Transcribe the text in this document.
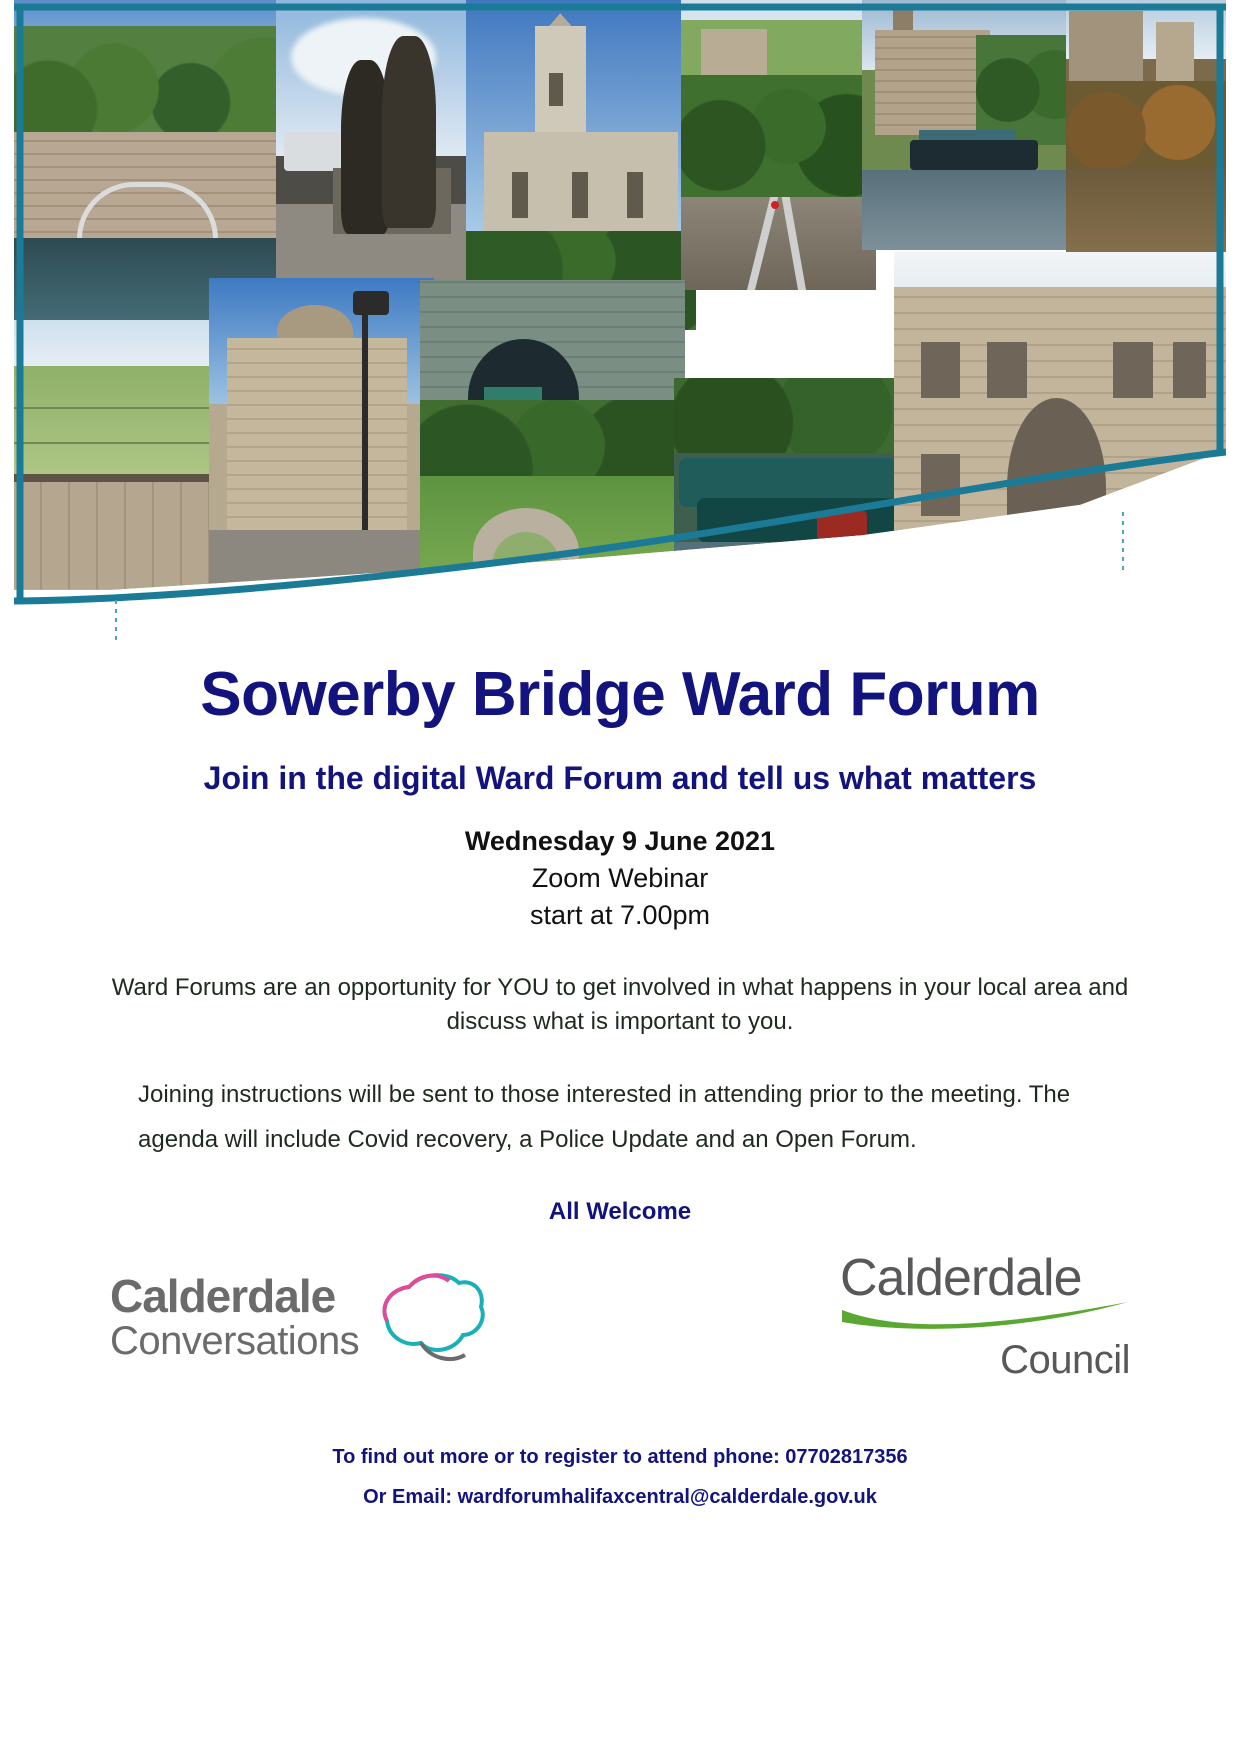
Sowerby Bridge Ward Forum
Join in the digital Ward Forum and tell us what matters
Wednesday 9 June 2021
Zoom Webinar
start at 7.00pm

Ward Forums are an opportunity for YOU to get involved in what happens in your local area and discuss what is important to you.

Joining instructions will be sent to those interested in attending prior to the meeting. The agenda will include Covid recovery, a Police Update and an Open Forum.

All Welcome
Calderdale
Conversations
Calderdale
Council
To find out more or to register to attend phone: 07702817356
Or Email: wardforumhalifaxcentral@calderdale.gov.uk
